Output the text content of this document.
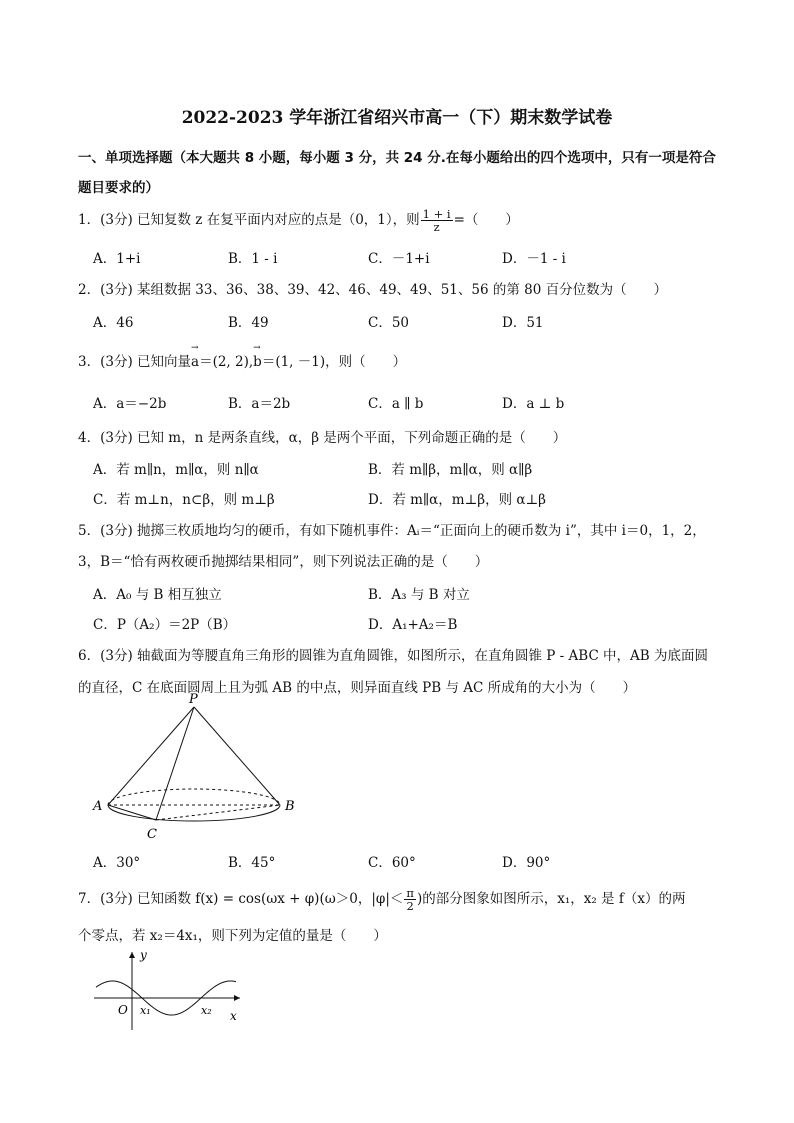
2022-2023 学年浙江省绍兴市高一（下）期末数学试卷
一、单项选择题（本大题共 8 小题，每小题 3 分，共 24 分.在每小题给出的四个选项中，只有一项是符合
题目要求的）
1．(3分) 已知复数 z 在复平面内对应的点是（0，1），则 $\frac{1 + i}{z}$ =（　　）
A．1+i	B．1 - i	C．－1+i	D．－1 - i
2．(3分) 某组数据 33、36、38、39、42、46、49、49、51、56 的第 80 百分位数为（　　）
A．46	B．49	C．50	D．51
3．(3分) 已知向量→ a＝(2, 2),→ b＝(1, －1)，则（　　）
A．a＝−2b	B．a＝2b	C．a ∥ b	D．a ⊥ b
4．(3分) 已知 m，n 是两条直线，α，β 是两个平面，下列命题正确的是（　　）
A．若 m∥n，m∥α，则 n∥α	B．若 m∥β，m∥α，则 α∥β
C．若 m⊥n，n⊂β，则 m⊥β	D．若 m∥α，m⊥β，则 α⊥β
5．(3分) 抛掷三枚质地均匀的硬币，有如下随机事件：Aᵢ＝“正面向上的硬币数为 i”，其中 i＝0，1，2，
3，B＝“恰有两枚硬币抛掷结果相同”，则下列说法正确的是（　　）
A．A₀ 与 B 相互独立	B．A₃ 与 B 对立
C．P（A₂）＝2P（B）	D．A₁+A₂＝B
6．(3分) 轴截面为等腰直角三角形的圆锥为直角圆锥，如图所示，在直角圆锥 P - ABC 中，AB 为底面圆
的直径，C 在底面圆周上且为弧 AB 的中点，则异面直线 PB 与 AC 所成角的大小为（　　）
P
A	B
C
A．30°	B．45°	C．60°	D．90°
7．(3分) 已知函数 f(x) = cos(ωx + φ)(ω＞0，$|\varphi|< \frac{\pi}{2}$ )的部分图象如图所示，x₁，x₂ 是 f（x）的两
个零点，若 x₂＝4x₁，则下列为定值的量是（　　）
y
O x₁	x₂ x
